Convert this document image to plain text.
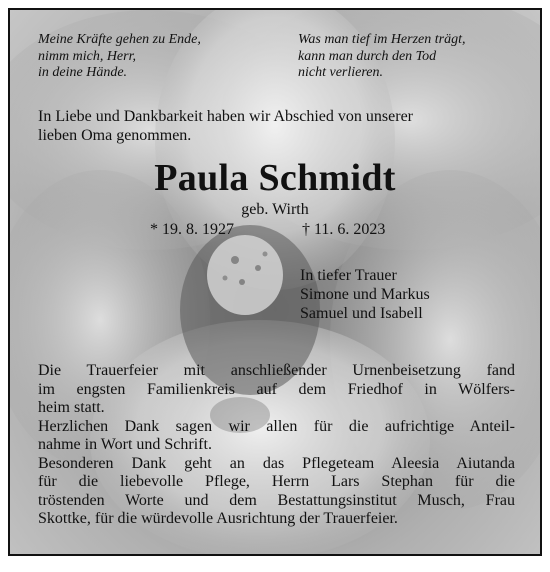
Meine Kräfte gehen zu Ende,
nimm mich, Herr,
in deine Hände.
Was man tief im Herzen trägt,
kann man durch den Tod
nicht verlieren.
In Liebe und Dankbarkeit haben wir Abschied von unserer
lieben Oma genommen.
Paula Schmidt
geb. Wirth
* 19. 8. 1927	† 11. 6. 2023
In tiefer Trauer
Simone und Markus
Samuel und Isabell
Die Trauerfeier mit anschließender Urnenbeisetzung fand
im engsten Familienkreis auf dem Friedhof in Wölfers-
heim statt.
Herzlichen Dank sagen wir allen für die aufrichtige Anteil-
nahme in Wort und Schrift.
Besonderen Dank geht an das Pflegeteam Aleesia Aiutanda
für die liebevolle Pflege, Herrn Lars Stephan für die
tröstenden Worte und dem Bestattungsinstitut Musch, Frau
Skottke, für die würdevolle Ausrichtung der Trauerfeier.
